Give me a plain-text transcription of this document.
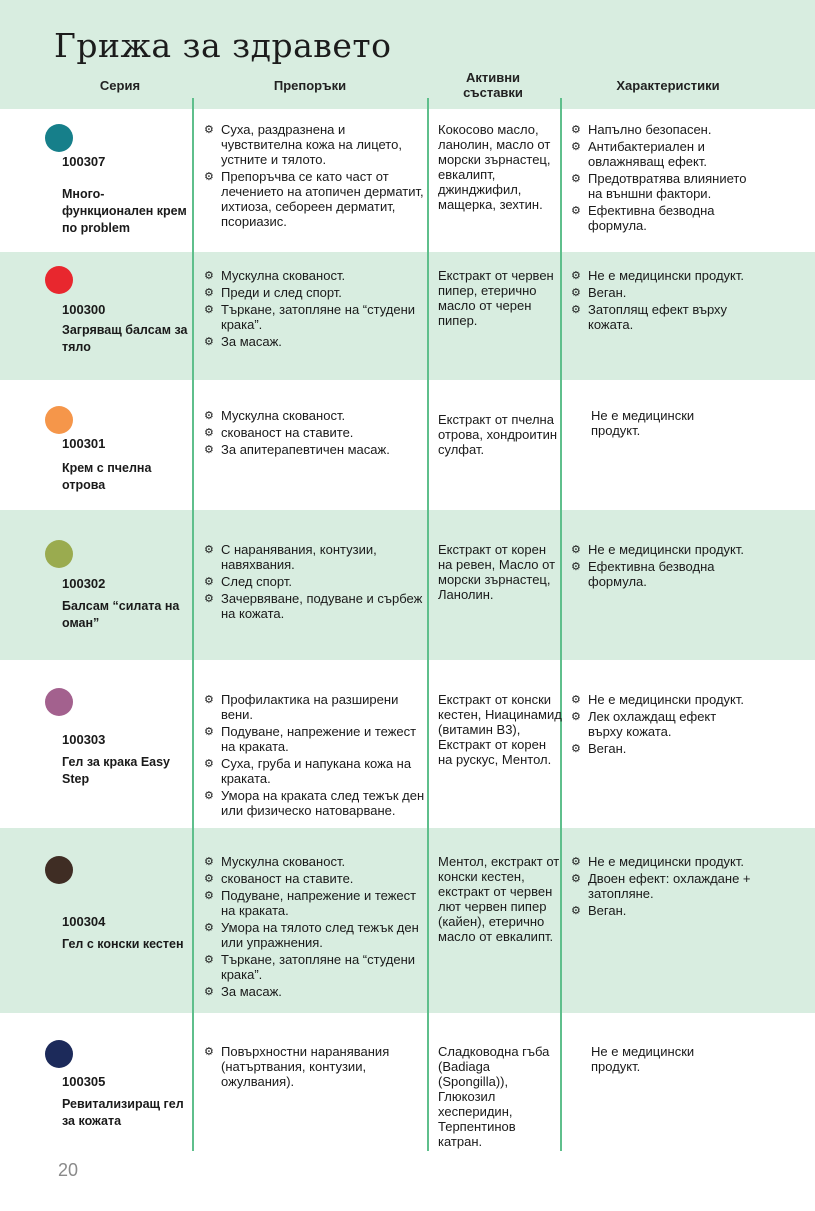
Грижа за здравето
Серия	Препоръки
Активни съставки	Характеристики
20
100307
Много-функционален крем по problem
⚙ Суха, раздразнена и чувствителна кожа на лицето, устните и тялото.
⚙ Препоръчва се като част от лечението на атопичен дерматит, ихтиоза, себореен дерматит, псориазис.
Кокосово масло, ланолин, масло от морски зърнастец, евкалипт, джинджифил, мащерка, зехтин.
⚙ Напълно безопасен.
⚙ Антибактериален и овлажняващ ефект.
⚙ Предотвратява влиянието на външни фактори.
⚙ Ефективна безводна формула.
100300
Загряващ балсам за тяло
⚙ Мускулна скованост.
⚙ Преди и след спорт.
⚙ Търкане, затопляне на “студени крака”.
⚙ За масаж.
Екстракт от червен пипер, етерично масло от черен пипер.
⚙ Не е медицински продукт.
⚙ Веган.
⚙ Затоплящ ефект върху кожата.
100301
Крем с пчелна отрова
⚙ Мускулна скованост.
⚙ скованост на ставите.
⚙ За апитерапевтичен масаж.
Екстракт от пчелна отрова, хондроитин сулфат.
Не е медицински продукт.
100302
Балсам “силата на оман”
⚙ С наранявания, контузии, навяхвания.
⚙ След спорт.
⚙ Зачервяване, подуване и сърбеж на кожата.
Екстракт от корен на ревен, Масло от морски зърнастец, Ланолин.
⚙ Не е медицински продукт.
⚙ Ефективна безводна формула.
100303
Гел за крака Easy Step
⚙ Профилактика на разширени вени.
⚙ Подуване, напрежение и тежест на краката.
⚙ Суха, груба и напукана кожа на краката.
⚙ Умора на краката след тежък ден или физическо натоварване.
Екстракт от конски кестен, Ниацинамид (витамин B3), Екстракт от корен на рускус, Ментол.
⚙ Не е медицински продукт.
⚙ Лек охлаждащ ефект върху кожата.
⚙ Веган.
100304
Гел с конски кестен
⚙ Мускулна скованост.
⚙ скованост на ставите.
⚙ Подуване, напрежение и тежест на краката.
⚙ Умора на тялото след тежък ден или упражнения.
⚙ Търкане, затопляне на “студени крака”.
⚙ За масаж.
Ментол, екстракт от конски кестен, екстракт от червен лют червен пипер (кайен), етерично масло от евкалипт.
⚙ Не е медицински продукт.
⚙ Двоен ефект: охлаждане + затопляне.
⚙ Веган.
100305
Ревитализиращ гел за кожата
⚙ Повърхностни наранявания (натъртвания, контузии, ожулвания).
Сладководна гъба (Badiaga (Spongilla)), Глюкозил хесперидин, Терпентинов катран.
Не е медицински продукт.
